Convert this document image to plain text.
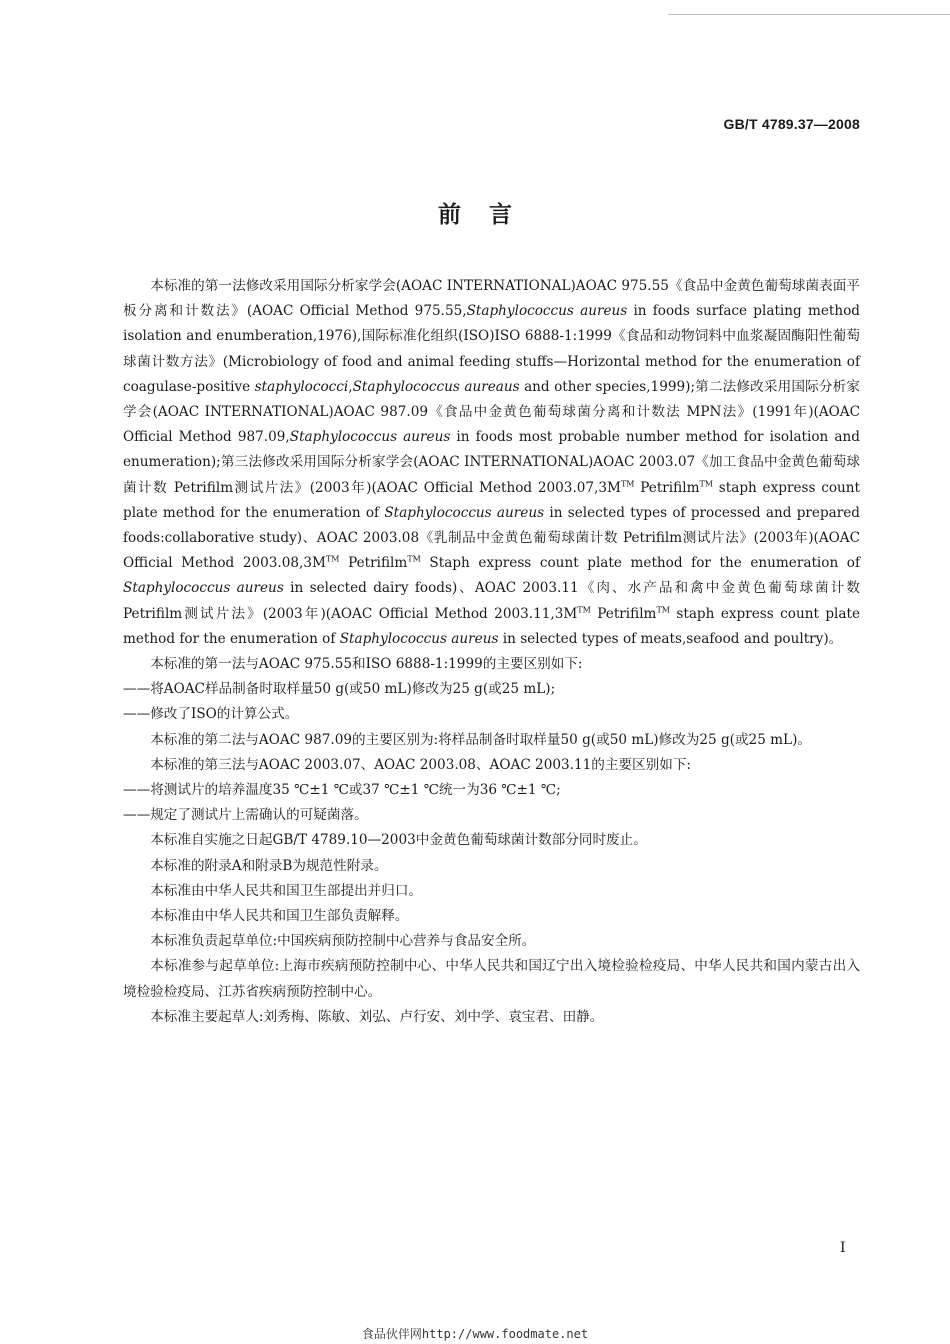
GB/T 4789.37—2008
前言

本标准的第一法修改采用国际分析家学会(AOAC INTERNATIONAL)AOAC 975.55《食品中金黄色葡萄球菌表面平板分离和计数法》(AOAC Official Method 975.55,Staphylococcus aureus in foods surface plating method isolation and enumberation,1976),国际标准化组织(ISO)ISO 6888-1:1999《食品和动物饲料中血浆凝固酶阳性葡萄球菌计数方法》(Microbiology of food and animal feeding stuffs—Horizontal method for the enumeration of coagulase-positive staphylococci,Staphylococcus aureaus and other species,1999);第二法修改采用国际分析家学会(AOAC INTERNATIONAL)AOAC 987.09《食品中金黄色葡萄球菌分离和计数法 MPN法》(1991年)(AOAC Official Method 987.09,Staphylococcus aureus in foods most probable number method for isolation and enumeration);第三法修改采用国际分析家学会(AOAC INTERNATIONAL)AOAC 2003.07《加工食品中金黄色葡萄球菌计数 Petrifilm测试片法》(2003年)(AOAC Official Method 2003.07,3M™ Petrifilm™ staph express count plate method for the enumeration of Staphylococcus aureus in selected types of processed and prepared foods:collaborative study)、AOAC 2003.08《乳制品中金黄色葡萄球菌计数 Petrifilm测试片法》(2003年)(AOAC Official Method 2003.08,3M™ Petrifilm™ Staph express count plate method for the enumeration of Staphylococcus aureus in selected dairy foods)、AOAC 2003.11《肉、水产品和禽中金黄色葡萄球菌计数 Petrifilm测试片法》(2003年)(AOAC Official Method 2003.11,3M™ Petrifilm™ staph express count plate method for the enumeration of Staphylococcus aureus in selected types of meats,seafood and poultry)。

本标准的第一法与AOAC 975.55和ISO 6888-1:1999的主要区别如下:

——将AOAC样品制备时取样量50 g(或50 mL)修改为25 g(或25 mL);

——修改了ISO的计算公式。

本标准的第二法与AOAC 987.09的主要区别为:将样品制备时取样量50 g(或50 mL)修改为25 g(或25 mL)。

本标准的第三法与AOAC 2003.07、AOAC 2003.08、AOAC 2003.11的主要区别如下:

——将测试片的培养温度35 ℃±1 ℃或37 ℃±1 ℃统一为36 ℃±1 ℃;

——规定了测试片上需确认的可疑菌落。

本标准自实施之日起GB/T 4789.10—2003中金黄色葡萄球菌计数部分同时废止。

本标准的附录A和附录B为规范性附录。

本标准由中华人民共和国卫生部提出并归口。

本标准由中华人民共和国卫生部负责解释。

本标准负责起草单位:中国疾病预防控制中心营养与食品安全所。

本标准参与起草单位:上海市疾病预防控制中心、中华人民共和国辽宁出入境检验检疫局、中华人民共和国内蒙古出入境检验检疫局、江苏省疾病预防控制中心。

本标准主要起草人:刘秀梅、陈敏、刘弘、卢行安、刘中学、袁宝君、田静。

I
食品伙伴网http://www.foodmate.net
